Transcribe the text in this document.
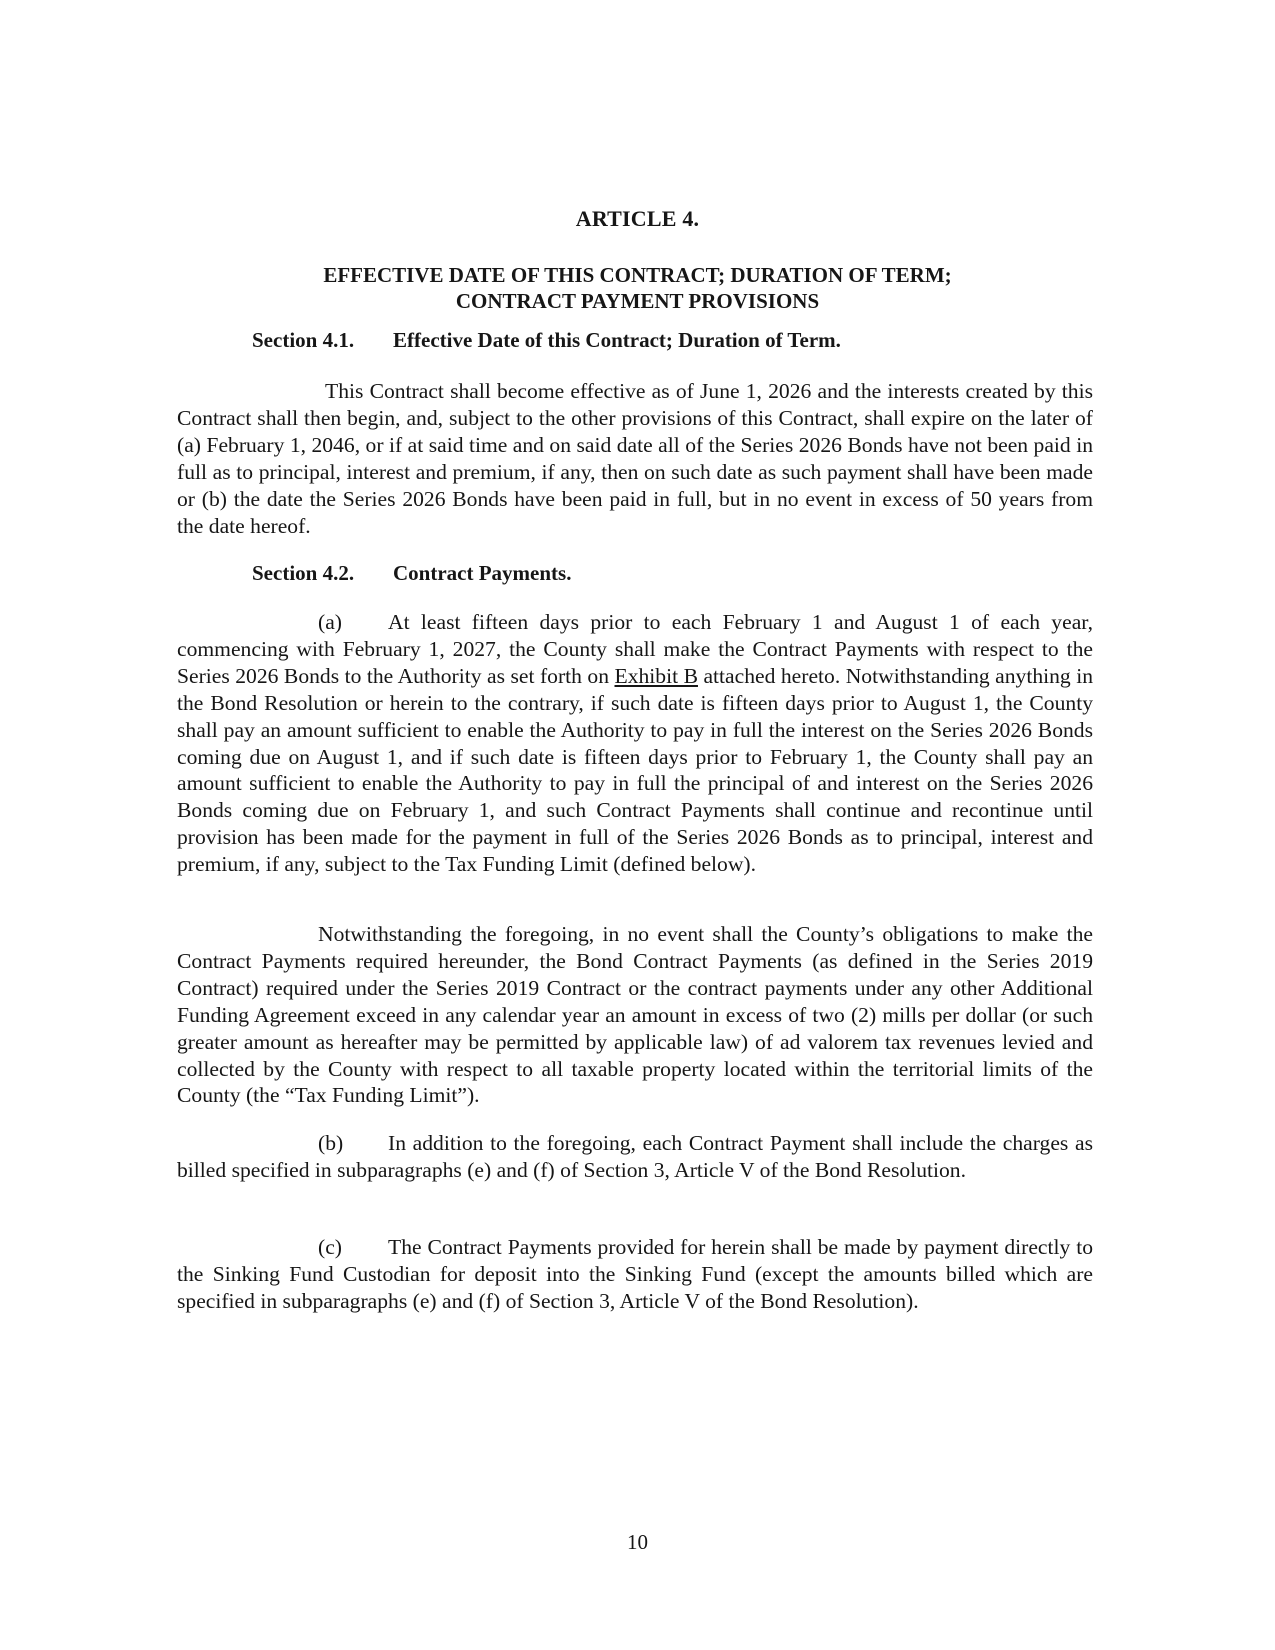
ARTICLE 4.
EFFECTIVE DATE OF THIS CONTRACT; DURATION OF TERM;
CONTRACT PAYMENT PROVISIONS
Section 4.1. Effective Date of this Contract; Duration of Term.
This Contract shall become effective as of June 1, 2026 and the interests created by this Contract shall then begin, and, subject to the other provisions of this Contract, shall expire on the later of (a) February 1, 2046, or if at said time and on said date all of the Series 2026 Bonds have not been paid in full as to principal, interest and premium, if any, then on such date as such payment shall have been made or (b) the date the Series 2026 Bonds have been paid in full, but in no event in excess of 50 years from the date hereof.
Section 4.2. Contract Payments.
(a) At least fifteen days prior to each February 1 and August 1 of each year, commencing with February 1, 2027, the County shall make the Contract Payments with respect to the Series 2026 Bonds to the Authority as set forth on Exhibit B attached hereto. Notwithstanding anything in the Bond Resolution or herein to the contrary, if such date is fifteen days prior to August 1, the County shall pay an amount sufficient to enable the Authority to pay in full the interest on the Series 2026 Bonds coming due on August 1, and if such date is fifteen days prior to February 1, the County shall pay an amount sufficient to enable the Authority to pay in full the principal of and interest on the Series 2026 Bonds coming due on February 1, and such Contract Payments shall continue and recontinue until provision has been made for the payment in full of the Series 2026 Bonds as to principal, interest and premium, if any, subject to the Tax Funding Limit (defined below).
Notwithstanding the foregoing, in no event shall the County’s obligations to make the Contract Payments required hereunder, the Bond Contract Payments (as defined in the Series 2019 Contract) required under the Series 2019 Contract or the contract payments under any other Additional Funding Agreement exceed in any calendar year an amount in excess of two (2) mills per dollar (or such greater amount as hereafter may be permitted by applicable law) of ad valorem tax revenues levied and collected by the County with respect to all taxable property located within the territorial limits of the County (the “Tax Funding Limit”).
(b) In addition to the foregoing, each Contract Payment shall include the charges as billed specified in subparagraphs (e) and (f) of Section 3, Article V of the Bond Resolution.
(c) The Contract Payments provided for herein shall be made by payment directly to the Sinking Fund Custodian for deposit into the Sinking Fund (except the amounts billed which are specified in subparagraphs (e) and (f) of Section 3, Article V of the Bond Resolution).
10
